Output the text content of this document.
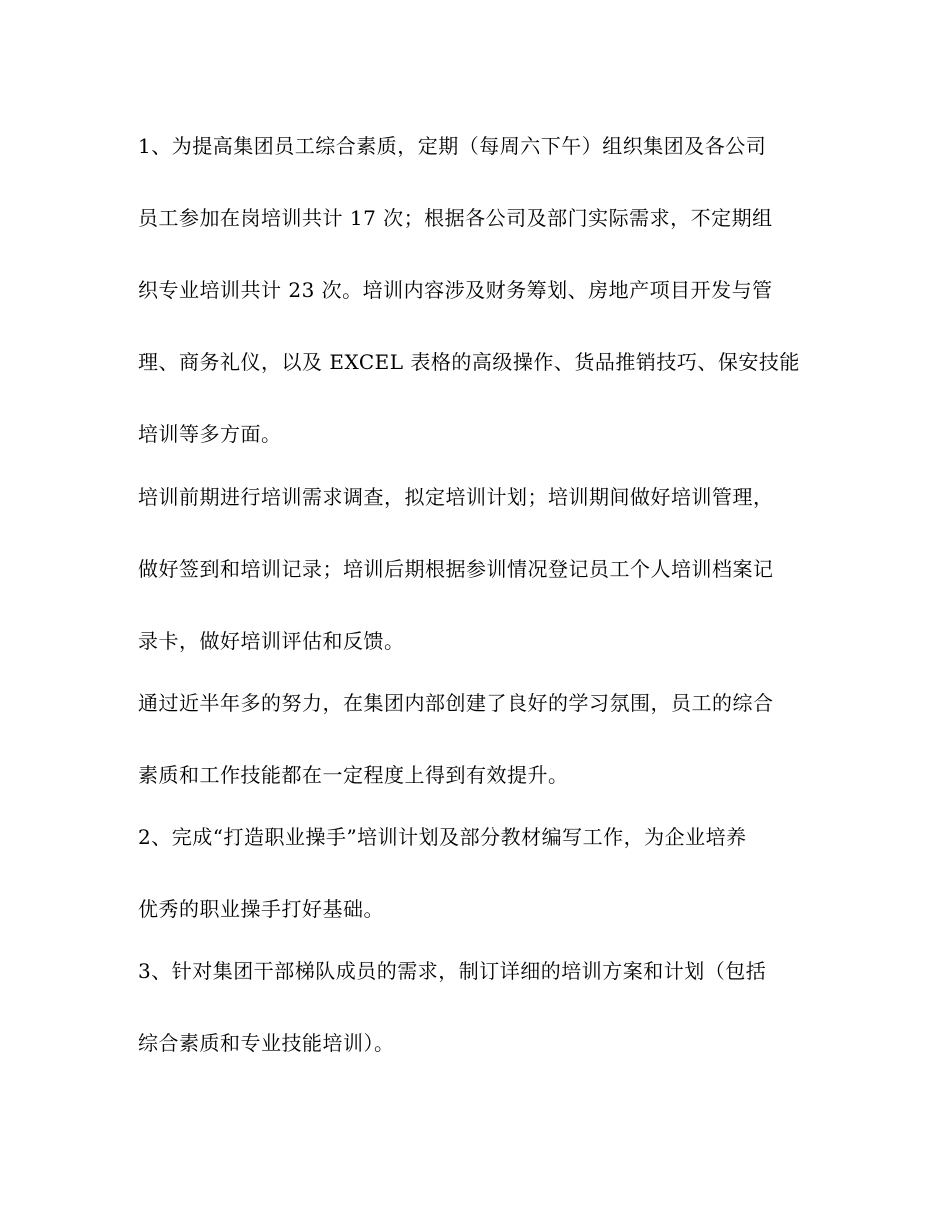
1、为提高集团员工综合素质，定期（每周六下午）组织集团及各公司
员工参加在岗培训共计 17 次；根据各公司及部门实际需求，不定期组
织专业培训共计 23 次。培训内容涉及财务筹划、房地产项目开发与管
理、商务礼仪，以及 EXCEL 表格的高级操作、货品推销技巧、保安技能
培训等多方面。
培训前期进行培训需求调查，拟定培训计划；培训期间做好培训管理，
做好签到和培训记录；培训后期根据参训情况登记员工个人培训档案记
录卡，做好培训评估和反馈。
通过近半年多的努力，在集团内部创建了良好的学习氛围，员工的综合
素质和工作技能都在一定程度上得到有效提升。
2、完成“打造职业操手”培训计划及部分教材编写工作，为企业培养
优秀的职业操手打好基础。
3、针对集团干部梯队成员的需求，制订详细的培训方案和计划（包括
综合素质和专业技能培训）。
